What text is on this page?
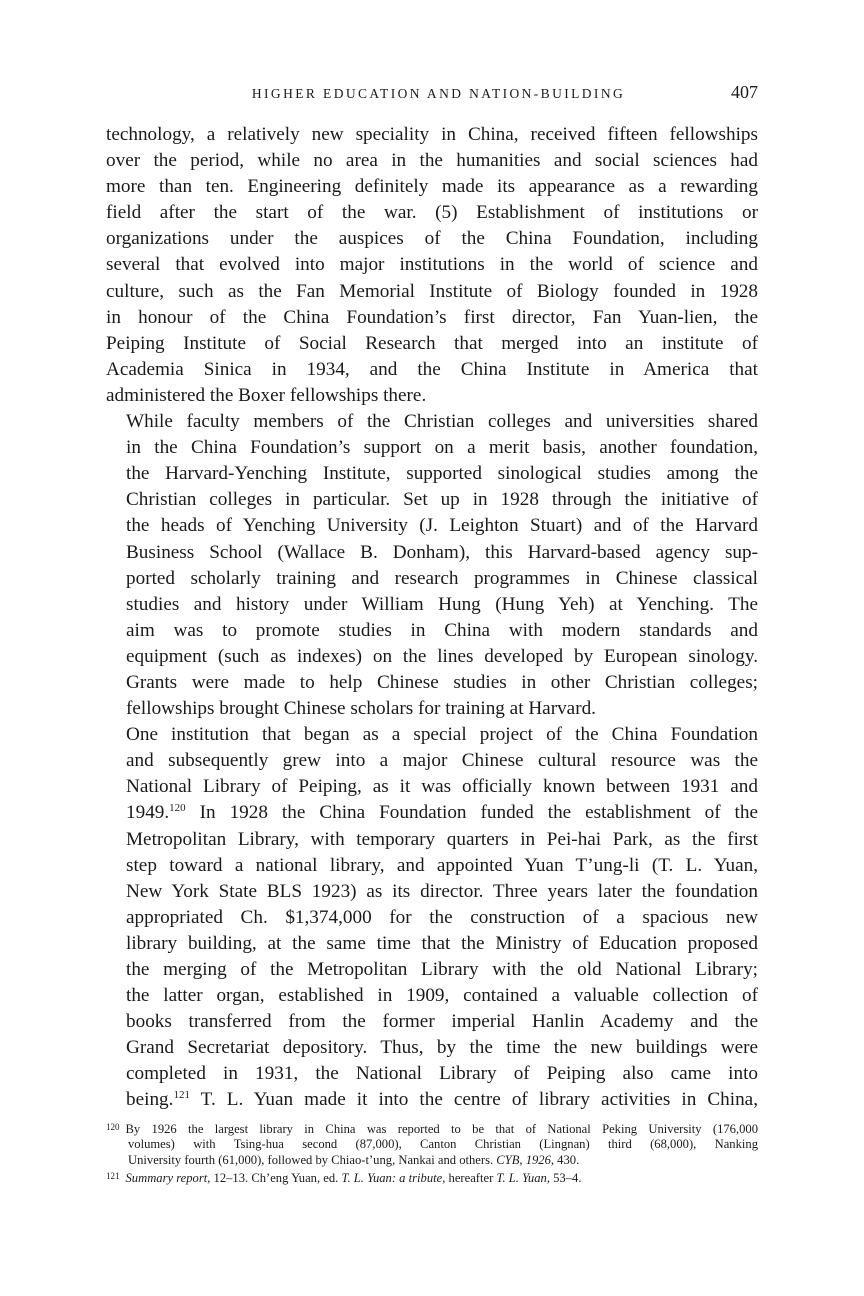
HIGHER EDUCATION AND NATION-BUILDING	407

technology, a relatively new speciality in China, received fifteen fellowships
over the period, while no area in the humanities and social sciences had
more than ten. Engineering definitely made its appearance as a rewarding
field after the start of the war. (5) Establishment of institutions or
organizations under the auspices of the China Foundation, including
several that evolved into major institutions in the world of science and
culture, such as the Fan Memorial Institute of Biology founded in 1928
in honour of the China Foundation’s first director, Fan Yuan-lien, the
Peiping Institute of Social Research that merged into an institute of
Academia Sinica in 1934, and the China Institute in America that
administered the Boxer fellowships there.

While faculty members of the Christian colleges and universities shared
in the China Foundation’s support on a merit basis, another foundation,
the Harvard-Yenching Institute, supported sinological studies among the
Christian colleges in particular. Set up in 1928 through the initiative of
the heads of Yenching University (J. Leighton Stuart) and of the Harvard
Business School (Wallace B. Donham), this Harvard-based agency sup-
ported scholarly training and research programmes in Chinese classical
studies and history under William Hung (Hung Yeh) at Yenching. The
aim was to promote studies in China with modern standards and
equipment (such as indexes) on the lines developed by European sinology.
Grants were made to help Chinese studies in other Christian colleges;
fellowships brought Chinese scholars for training at Harvard.

One institution that began as a special project of the China Foundation
and subsequently grew into a major Chinese cultural resource was the
National Library of Peiping, as it was officially known between 1931 and
1949.$^{120}$ In 1928 the China Foundation funded the establishment of the
Metropolitan Library, with temporary quarters in Pei-hai Park, as the first
step toward a national library, and appointed Yuan T’ung-li (T. L. Yuan,
New York State BLS 1923) as its director. Three years later the foundation
appropriated Ch. $1,374,000 for the construction of a spacious new
library building, at the same time that the Ministry of Education proposed
the merging of the Metropolitan Library with the old National Library;
the latter organ, established in 1909, contained a valuable collection of
books transferred from the former imperial Hanlin Academy and the
Grand Secretariat depository. Thus, by the time the new buildings were
completed in 1931, the National Library of Peiping also came into
being.$^{121}$ T. L. Yuan made it into the centre of library activities in China,

$^{120}$ By 1926 the largest library in China was reported to be that of National Peking University (176,000
volumes) with Tsing-hua second (87,000), Canton Christian (Lingnan) third (68,000), Nanking
University fourth (61,000), followed by Chiao-t’ung, Nankai and others. CYB, 1926, 430.

$^{121}$ Summary report, 12–13. Ch’eng Yuan, ed. T. L. Yuan: a tribute, hereafter T. L. Yuan, 53–4.
